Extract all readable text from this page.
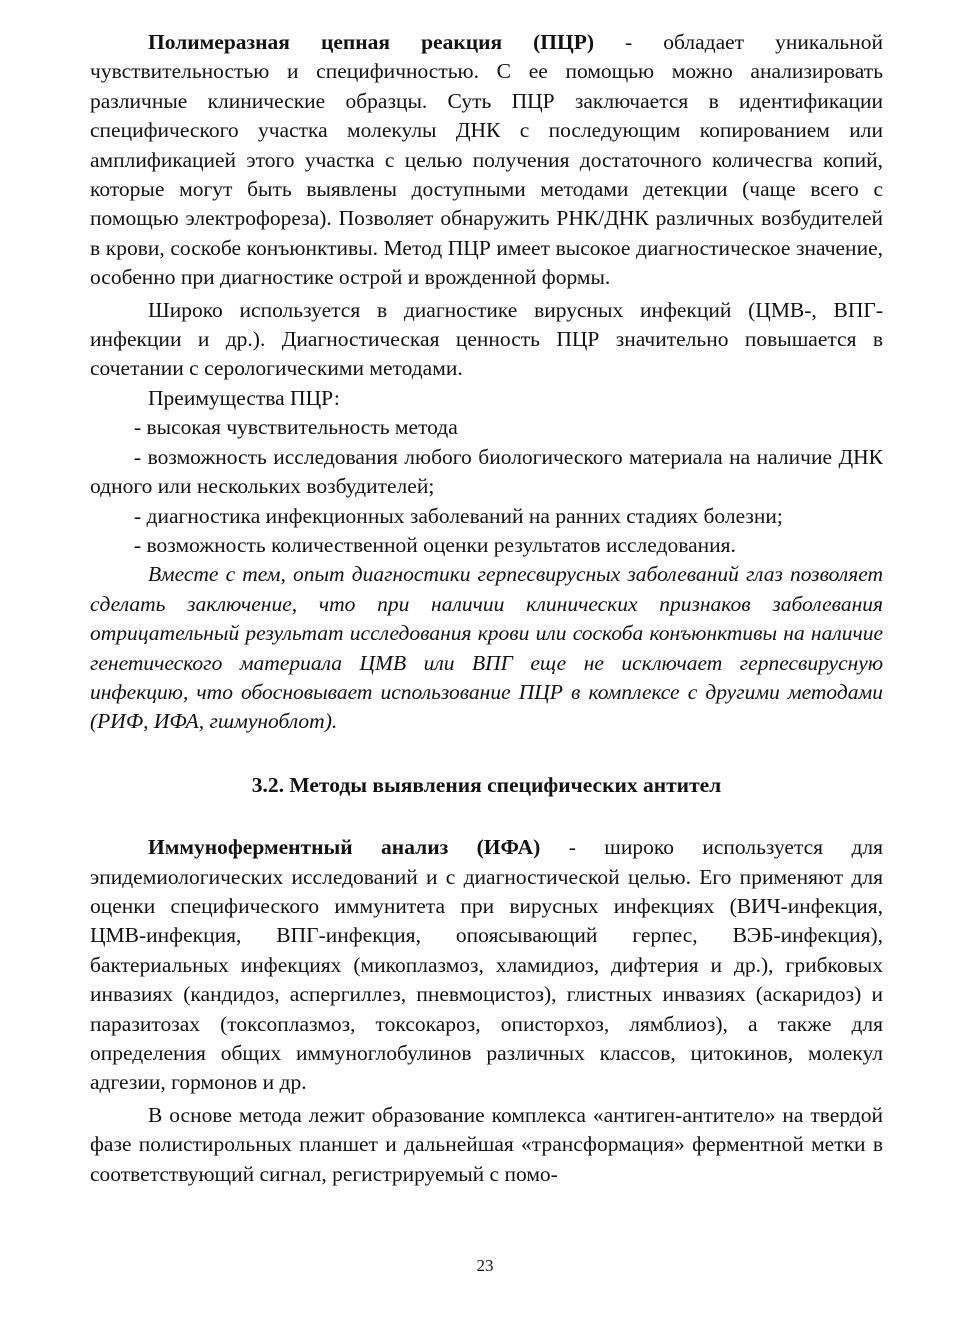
Полимеразная цепная реакция (ПЦР) - обладает уникальной чувствительностью и специфичностью. С ее помощью можно анализировать различные клинические образцы. Суть ПЦР заключается в идентификации специфического участка молекулы ДНК с последующим копированием или амплификацией этого участка с целью получения достаточного количесгва копий, которые могут быть выявлены доступными методами детекции (чаще всего с помощью электрофореза). Позволяет обнаружить РНК/ДНК различных возбудителей в крови, соскобе конъюнктивы. Метод ПЦР имеет высокое диагностическое значение, особенно при диагностике острой и врожденной формы.

Широко используется в диагностике вирусных инфекций (ЦМВ-, ВПГ-инфекции и др.). Диагностическая ценность ПЦР значительно повышается в сочетании с серологическими методами.

Преимущества ПЦР:

- высокая чувствительность метода

- возможность исследования любого биологического материала на наличие ДНК одного или нескольких возбудителей;

- диагностика инфекционных заболеваний на ранних стадиях болезни;

- возможность количественной оценки результатов исследования.

Вместе с тем, опыт диагностики герпесвирусных заболеваний глаз позволяет сделать заключение, что при наличии клинических признаков заболевания отрицательный результат исследования крови или соскоба конъюнктивы на наличие генетического материала ЦМВ или ВПГ еще не исключает герпесвирусную инфекцию, что обосновывает использование ПЦР в комплексе с другими методами (РИФ, ИФА, гшмуноблот).

3.2. Методы выявления специфических антител

Иммуноферментный анализ (ИФА) - широко используется для эпидемиологических исследований и с диагностической целью. Его применяют для оценки специфического иммунитета при вирусных инфекциях (ВИЧ-инфекция, ЦМВ-инфекция, ВПГ-инфекция, опоясывающий герпес, ВЭБ-инфекция), бактериальных инфекциях (микоплазмоз, хламидиоз, дифтерия и др.), грибковых инвазиях (кандидоз, аспергиллез, пневмоцистоз), глистных инвазиях (аскаридоз) и паразитозах (токсоплазмоз, токсокароз, описторхоз, лямблиоз), а также для определения общих иммуноглобулинов различных классов, цитокинов, молекул адгезии, гормонов и др.

В основе метода лежит образование комплекса «антиген-антитело» на твердой фазе полистирольных планшет и дальнейшая «трансформация» ферментной метки в соответствующий сигнал, регистрируемый с помо-

23
